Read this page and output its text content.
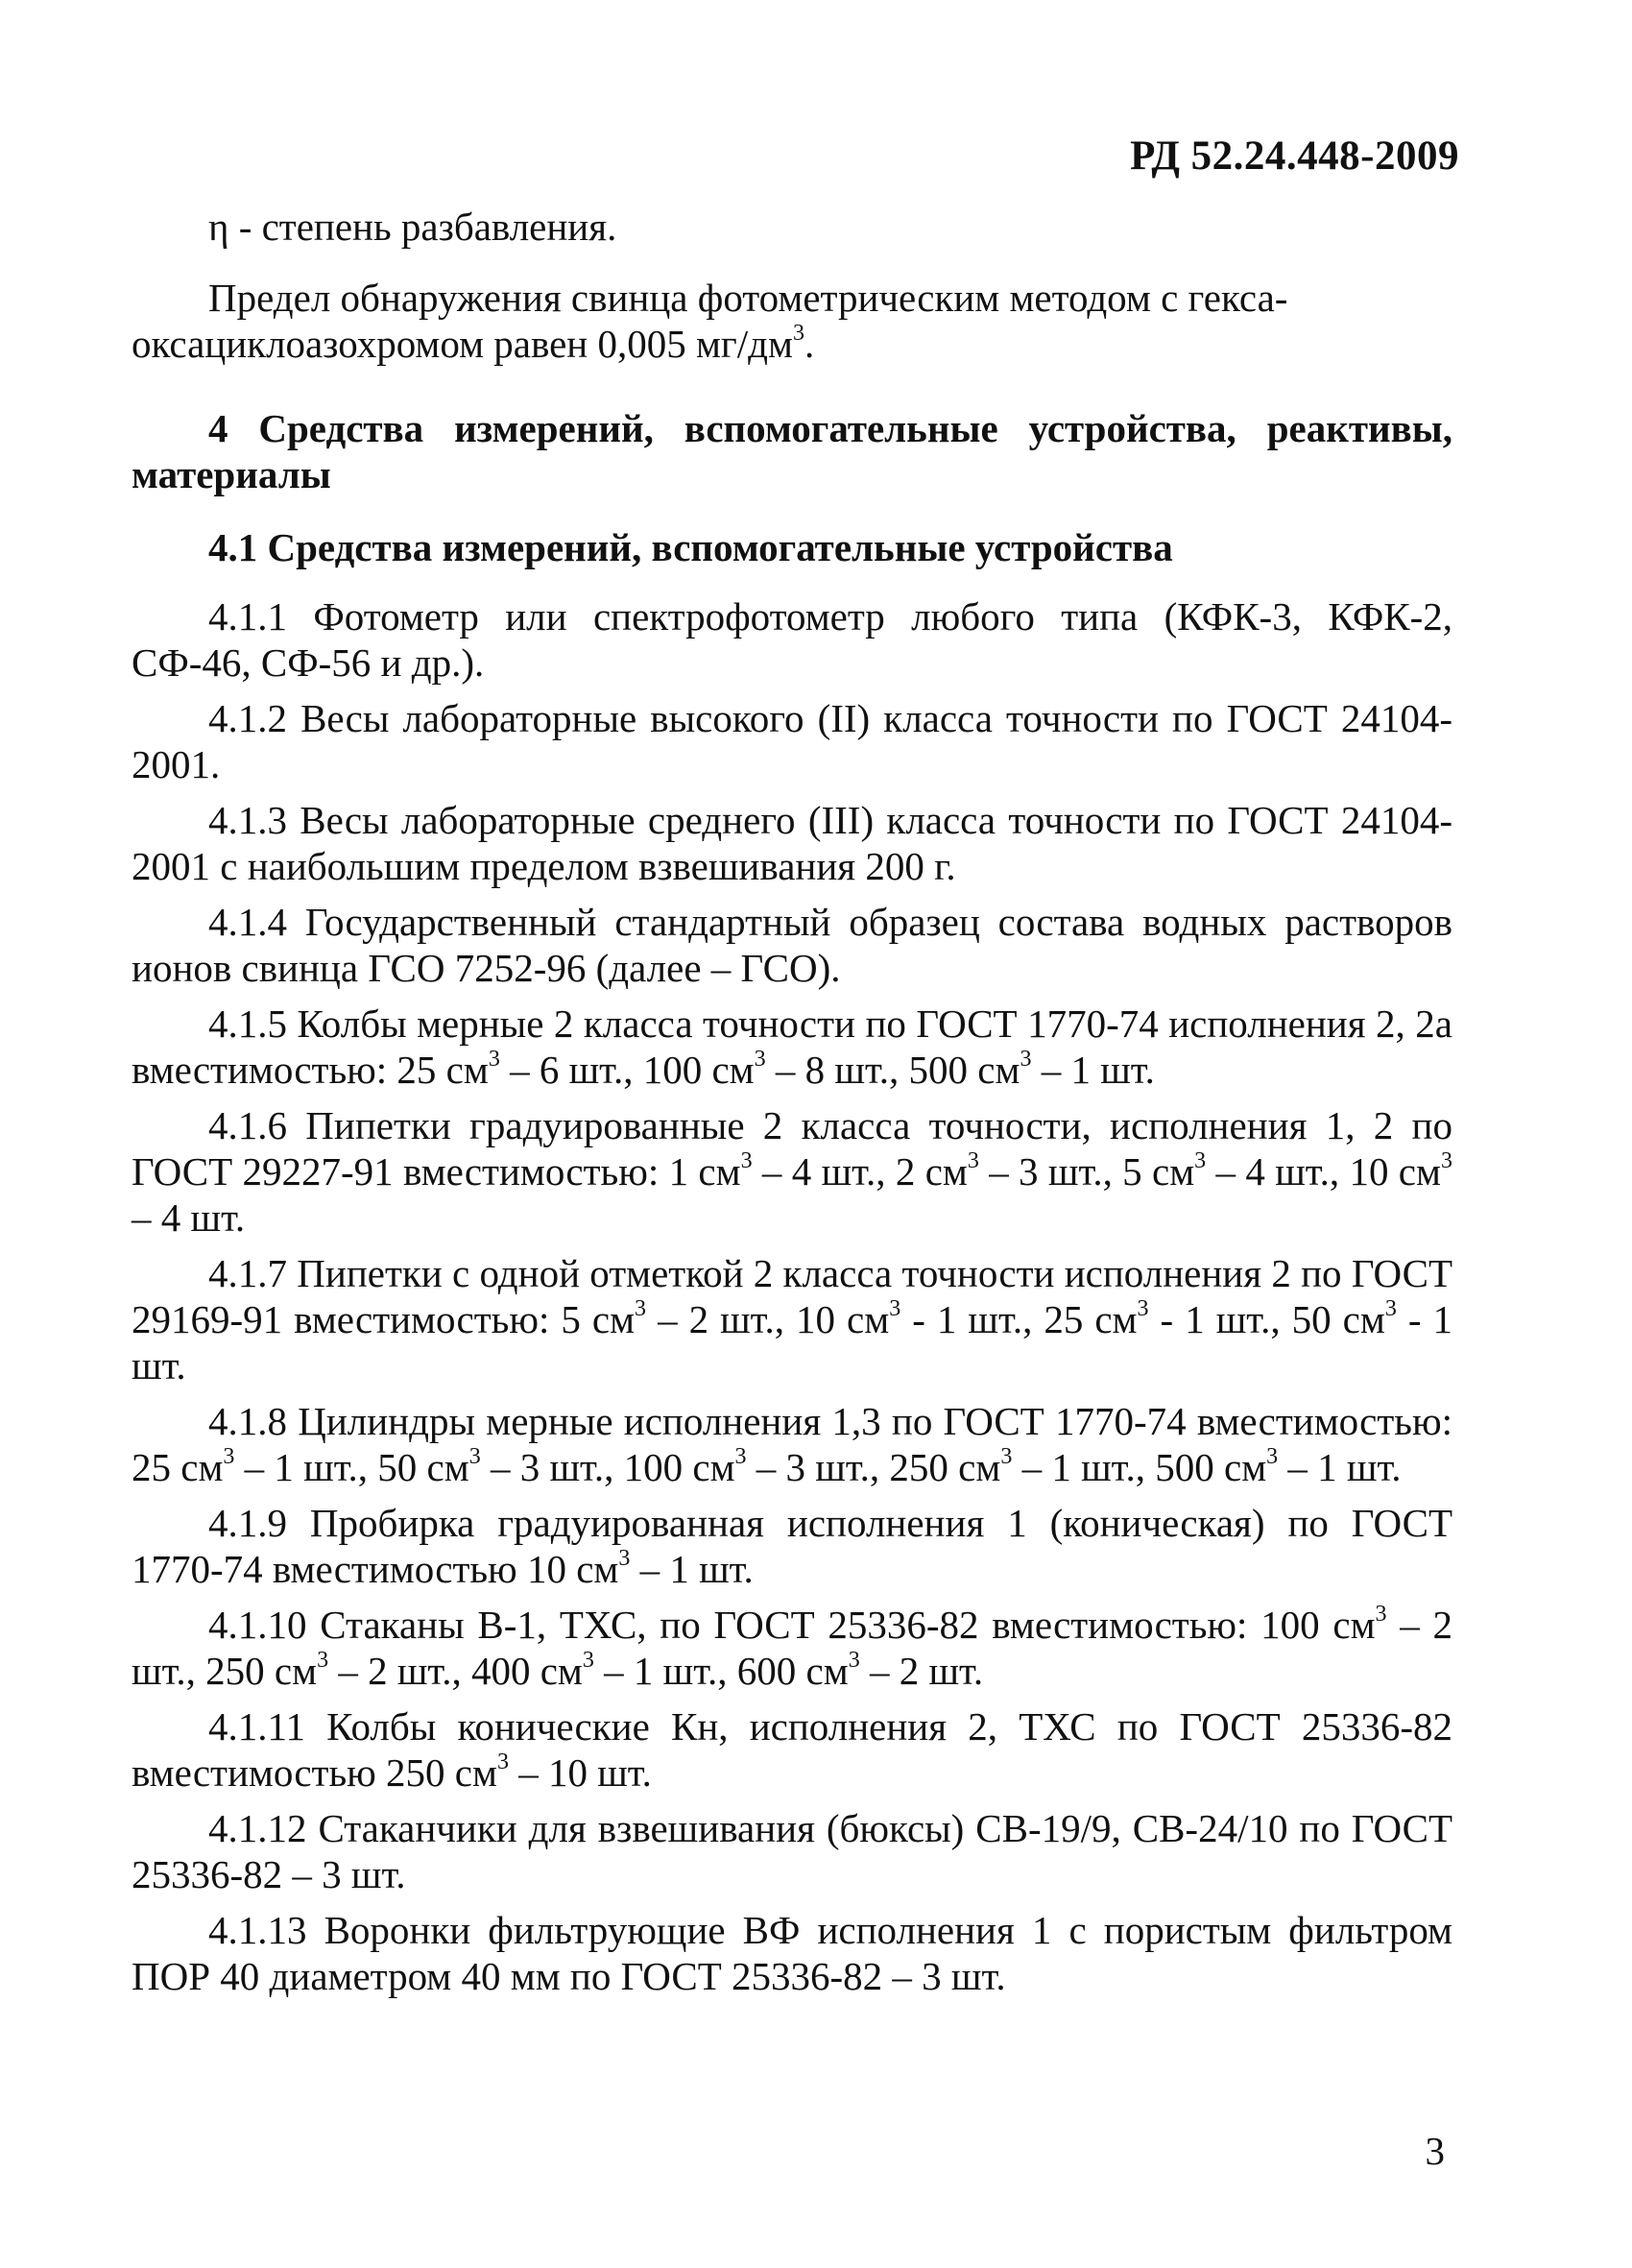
РД 52.24.448-2009

η - степень разбавления.

Предел обнаружения свинца фотометрическим методом с гекса-
оксациклоазохромом равен 0,005 $мг/дм^3$.

4 Средства измерений, вспомогательные устройства, реактивы, материалы

4.1 Средства измерений, вспомогательные устройства

4.1.1 Фотометр или спектрофотометр любого типа (КФК-3, КФК-2, СФ-46, СФ-56 и др.).

4.1.2 Весы лабораторные высокого (II) класса точности по ГОСТ 24104-2001.

4.1.3 Весы лабораторные среднего (III) класса точности по ГОСТ 24104-2001 с наибольшим пределом взвешивания 200 г.

4.1.4 Государственный стандартный образец состава водных растворов ионов свинца ГСО 7252-96 (далее – ГСО).

4.1.5 Колбы мерные 2 класса точности по ГОСТ 1770-74 исполнения 2, 2а вместимостью: 25 $см^3 - 6$ шт., 100 $см^3 - 8$ шт., 500 $см^3 - 1$ шт.

4.1.6 Пипетки градуированные 2 класса точности, исполнения 1, 2 по ГОСТ 29227-91 вместимостью: 1 $см^3 - 4$ шт., 2 $см^3 - 3$ шт., 5 $см^3 - 4$ шт., 10 $см^3 - 4$ шт.

4.1.7 Пипетки с одной отметкой 2 класса точности исполнения 2 по ГОСТ 29169-91 вместимостью: 5 $см^3 - 2$ шт., 10 $см^3 - 1$ шт., 25 $см^3 - 1$ шт., 50 $см^3 - 1$ шт.

4.1.8 Цилиндры мерные исполнения 1,3 по ГОСТ 1770-74 вместимостью: 25 $см^3 - 1$ шт., 50 $см^3 - 3$ шт., 100 $см^3 - 3$ шт., 250 $см^3 - 1$ шт., 500 $см^3 - 1$ шт.

4.1.9 Пробирка градуированная исполнения 1 (коническая) по ГОСТ 1770-74 вместимостью 10 $см^3 - 1$ шт.

4.1.10 Стаканы В-1, ТХС, по ГОСТ 25336-82 вместимостью: 100 $см^3 - 2$ шт., 250 $см^3 - 2$ шт., 400 $см^3 - 1$ шт., 600 $см^3 - 2$ шт.

4.1.11 Колбы конические Кн, исполнения 2, ТХС по ГОСТ 25336-82 вместимостью 250 $см^3 - 10$ шт.

4.1.12 Стаканчики для взвешивания (бюксы) СВ-19/9, СВ-24/10 по ГОСТ 25336-82 – 3 шт.

4.1.13 Воронки фильтрующие ВФ исполнения 1 с пористым фильтром ПОР 40 диаметром 40 мм по ГОСТ 25336-82 – 3 шт.

3
